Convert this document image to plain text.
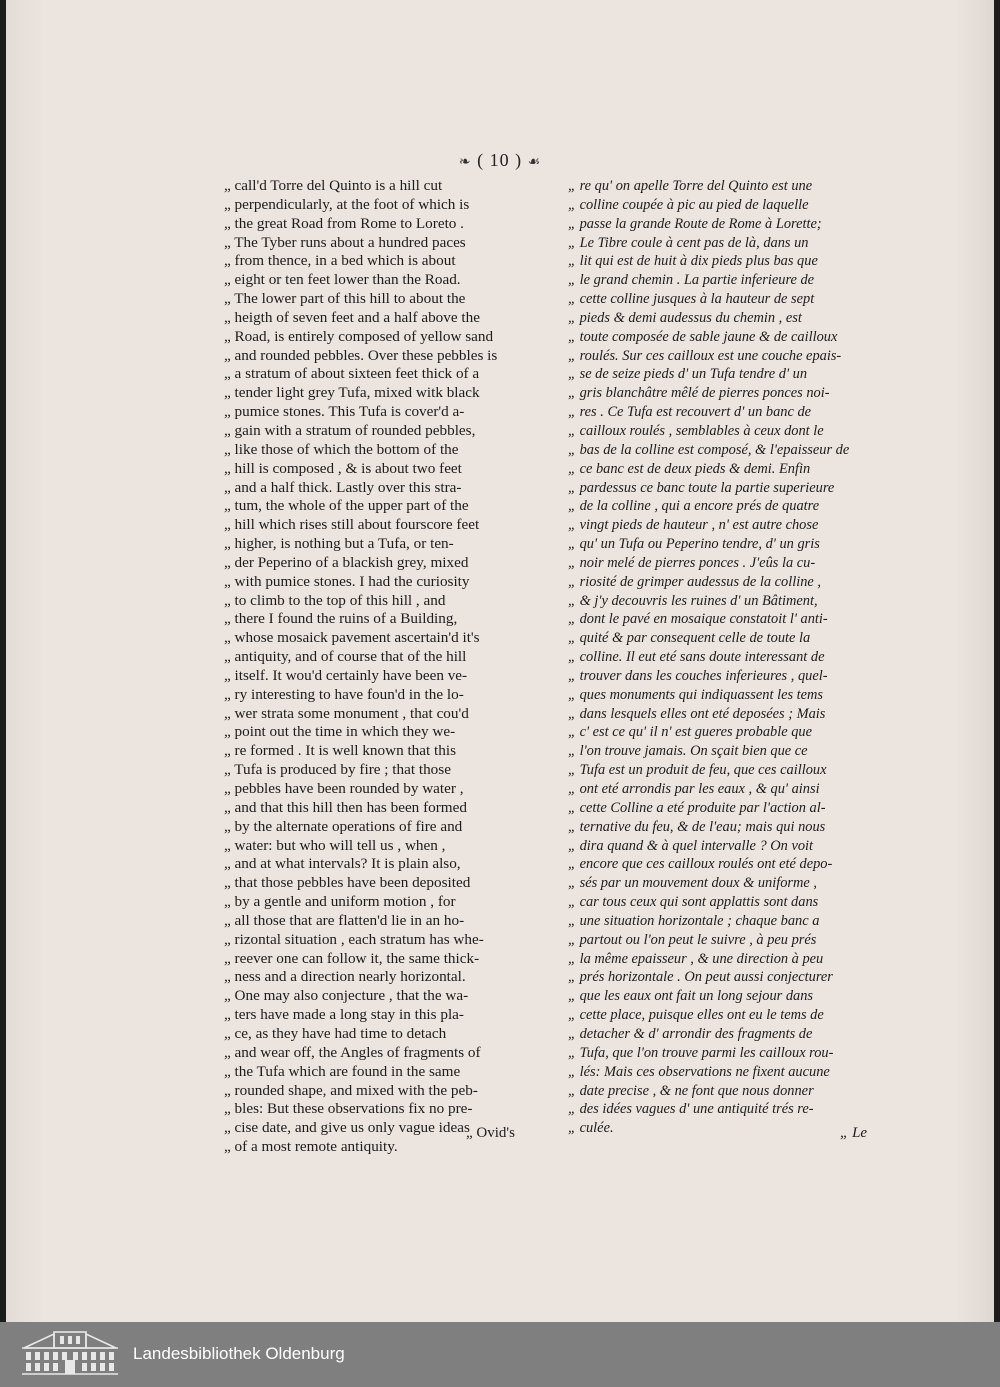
❧ ( 10 ) ☙
„ call'd Torre del Quinto is a hill cut
„ perpendicularly, at the foot of which is
„ the great Road from Rome to Loreto .
„ The Tyber runs about a hundred paces
„ from thence, in a bed which is about
„ eight or ten feet lower than the Road.
„ The lower part of this hill to about the
„ heigth of seven feet and a half above the
„ Road, is entirely composed of yellow sand
„ and rounded pebbles. Over these pebbles is
„ a stratum of about sixteen feet thick of a
„ tender light grey Tufa, mixed witk black
„ pumice stones. This Tufa is cover'd a-
„ gain with a stratum of rounded pebbles,
„ like those of which the bottom of the
„ hill is composed , & is about two feet
„ and a half thick. Lastly over this stra-
„ tum, the whole of the upper part of the
„ hill which rises still about fourscore feet
„ higher, is nothing but a Tufa, or ten-
„ der Peperino of a blackish grey, mixed
„ with pumice stones. I had the curiosity
„ to climb to the top of this hill , and
„ there I found the ruins of a Building,
„ whose mosaick pavement ascertain'd it's
„ antiquity, and of course that of the hill
„ itself. It wou'd certainly have been ve-
„ ry interesting to have foun'd in the lo-
„ wer strata some monument , that cou'd
„ point out the time in which they we-
„ re formed . It is well known that this
„ Tufa is produced by fire ; that those
„ pebbles have been rounded by water ,
„ and that this hill then has been formed
„ by the alternate operations of fire and
„ water: but who will tell us , when ,
„ and at what intervals? It is plain also,
„ that those pebbles have been deposited
„ by a gentle and uniform motion , for
„ all those that are flatten'd lie in an ho-
„ rizontal situation , each stratum has whe-
„ reever one can follow it, the same thick-
„ ness and a direction nearly horizontal.
„ One may also conjecture , that the wa-
„ ters have made a long stay in this pla-
„ ce, as they have had time to detach
„ and wear off, the Angles of fragments of
„ the Tufa which are found in the same
„ rounded shape, and mixed with the peb-
„ bles: But these observations fix no pre-
„ cise date, and give us only vague ideas
„ of a most remote antiquity.
„ re qu' on apelle Torre del Quinto est une
„ colline coupée à pic au pied de laquelle
„ passe la grande Route de Rome à Lorette;
„ Le Tibre coule à cent pas de là, dans un
„ lit qui est de huit à dix pieds plus bas que
„ le grand chemin . La partie inferieure de
„ cette colline jusques à la hauteur de sept
„ pieds & demi audessus du chemin , est
„ toute composée de sable jaune & de cailloux
„ roulés. Sur ces cailloux est une couche epais-
„ se de seize pieds d' un Tufa tendre d' un
„ gris blanchâtre mêlé de pierres ponces noi-
„ res . Ce Tufa est recouvert d' un banc de
„ cailloux roulés , semblables à ceux dont le
„ bas de la colline est composé, & l'epaisseur de
„ ce banc est de deux pieds & demi. Enfin
„ pardessus ce banc toute la partie superieure
„ de la colline , qui a encore prés de quatre
„ vingt pieds de hauteur , n' est autre chose
„ qu' un Tufa ou Peperino tendre, d' un gris
„ noir melé de pierres ponces . J'eûs la cu-
„ riosité de grimper audessus de la colline ,
„ & j'y decouvris les ruines d' un Bâtiment,
„ dont le pavé en mosaique constatoit l' anti-
„ quité & par consequent celle de toute la
„ colline. Il eut eté sans doute interessant de
„ trouver dans les couches inferieures , quel-
„ ques monuments qui indiquassent les tems
„ dans lesquels elles ont eté deposées ; Mais
„ c' est ce qu' il n' est gueres probable que
„ l'on trouve jamais. On sçait bien que ce
„ Tufa est un produit de feu, que ces cailloux
„ ont eté arrondis par les eaux , & qu' ainsi
„ cette Colline a eté produite par l'action al-
„ ternative du feu, & de l'eau; mais qui nous
„ dira quand & à quel intervalle ? On voit
„ encore que ces cailloux roulés ont eté depo-
„ sés par un mouvement doux & uniforme ,
„ car tous ceux qui sont applattis sont dans
„ une situation horizontale ; chaque banc a
„ partout ou l'on peut le suivre , à peu prés
„ la même epaisseur , & une direction à peu
„ prés horizontale . On peut aussi conjecturer
„ que les eaux ont fait un long sejour dans
„ cette place, puisque elles ont eu le tems de
„ detacher & d' arrondir des fragments de
„ Tufa, que l'on trouve parmi les cailloux rou-
„ lés: Mais ces observations ne fixent aucune
„ date precise , & ne font que nous donner
„ des idées vagues d' une antiquité trés re-
„ culée.
„ Ovid's	„ Le
Landesbibliothek Oldenburg
